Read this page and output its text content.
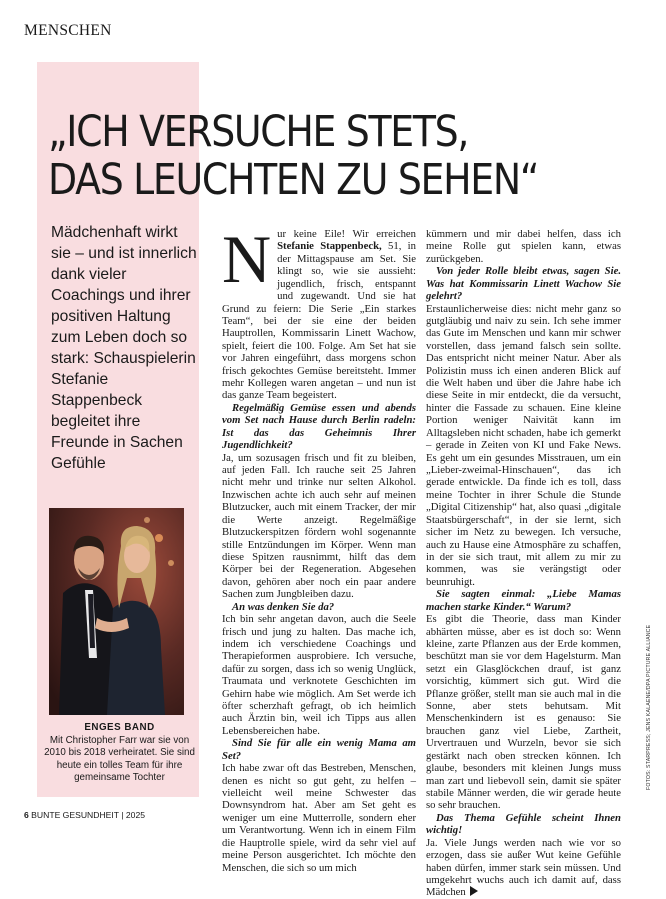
MENSCHEN
„ICH VERSUCHE STETS,
DAS LEUCHTEN ZU SEHEN“
Mädchenhaft wirkt sie – und ist innerlich dank vieler Coachings und ihrer positiven Haltung zum Leben doch so stark: Schauspielerin Stefanie Stappenbeck begleitet ihre Freunde in Sachen Gefühle
ENGES BAND
Mit Christopher Farr war sie von 2010 bis 2018 verheiratet. Sie sind heute ein tolles Team für ihre gemeinsame Tochter

Nur keine Eile! Wir erreichen Stefanie Stappenbeck, 51, in der Mittagspause am Set. Sie klingt so, wie sie aussieht: jugendlich, frisch, entspannt und zugewandt. Und sie hat Grund zu feiern: Die Serie „Ein starkes Team“, bei der sie eine der beiden Hauptrollen, Kommissarin Linett Wachow, spielt, feiert die 100. Folge. Am Set hat sie vor Jahren eingeführt, dass morgens schon frisch gekochtes Gemüse bereitsteht. Immer mehr Kollegen waren angetan – und nun ist das ganze Team begeistert.

Regelmäßig Gemüse essen und abends vom Set nach Hause durch Berlin radeln: Ist das das Geheimnis Ihrer Jugendlichkeit?

Ja, um sozusagen frisch und fit zu bleiben, auf jeden Fall. Ich rauche seit 25 Jahren nicht mehr und trinke nur selten Alkohol. Inzwischen achte ich auch sehr auf meinen Blutzucker, auch mit einem Tracker, der mir die Werte anzeigt. Regelmäßige Blutzuckerspitzen fördern wohl sogenannte stille Entzündungen im Körper. Wenn man diese Spitzen rausnimmt, hilft das dem Körper bei der Regeneration. Abgesehen davon, gehören aber noch ein paar andere Sachen zum Jungbleiben dazu.

An was denken Sie da?

Ich bin sehr angetan davon, auch die Seele frisch und jung zu halten. Das mache ich, indem ich verschiedene Coachings und Therapieformen ausprobiere. Ich versuche, dafür zu sorgen, dass ich so wenig Unglück, Traumata und verknotete Geschichten im Gehirn habe wie möglich. Am Set werde ich öfter scherzhaft gefragt, ob ich heimlich auch Ärztin bin, weil ich Tipps aus allen Lebensbereichen habe.

Sind Sie für alle ein wenig Mama am Set?

Ich habe zwar oft das Bestreben, Menschen, denen es nicht so gut geht, zu helfen – vielleicht weil meine Schwester das Downsyndrom hat. Aber am Set geht es weniger um eine Mutterrolle, sondern eher um Verantwortung. Wenn ich in einem Film die Hauptrolle spiele, wird da sehr viel auf meine Person ausgerichtet. Ich möchte den Menschen, die sich so um mich

kümmern und mir dabei helfen, dass ich meine Rolle gut spielen kann, etwas zurückgeben.

Von jeder Rolle bleibt etwas, sagen Sie. Was hat Kommissarin Linett Wachow Sie gelehrt?

Erstaunlicherweise dies: nicht mehr ganz so gutgläubig und naiv zu sein. Ich sehe immer das Gute im Menschen und kann mir schwer vorstellen, dass jemand falsch sein sollte. Das entspricht nicht meiner Natur. Aber als Polizistin muss ich einen anderen Blick auf die Welt haben und über die Jahre habe ich diese Seite in mir entdeckt, die da versucht, hinter die Fassade zu schauen. Eine kleine Portion weniger Naivität kann im Alltagsleben nicht schaden, habe ich gemerkt – gerade in Zeiten von KI und Fake News. Es geht um ein gesundes Misstrauen, um ein „Lieber-zweimal-Hinschauen“, das ich gerade entwickle. Da finde ich es toll, dass meine Tochter in ihrer Schule die Stunde „Digital Citizenship“ hat, also quasi „digitale Staatsbürgerschaft“, in der sie lernt, sich sicher im Netz zu bewegen. Ich versuche, auch zu Hause eine Atmosphäre zu schaffen, in der sie sich traut, mit allem zu mir zu kommen, was sie verängstigt oder beunruhigt.

Sie sagten einmal: „Liebe Mamas machen starke Kinder.“ Warum?

Es gibt die Theorie, dass man Kinder abhärten müsse, aber es ist doch so: Wenn kleine, zarte Pflanzen aus der Erde kommen, beschützt man sie vor dem Hagelsturm. Man setzt ein Glasglöckchen drauf, ist ganz vorsichtig, kümmert sich gut. Wird die Pflanze größer, stellt man sie auch mal in die Sonne, aber stets behutsam. Mit Menschenkindern ist es genauso: Sie brauchen ganz viel Liebe, Zartheit, Urvertrauen und Wurzeln, bevor sie sich gestärkt nach oben strecken können. Ich glaube, besonders mit kleinen Jungs muss man zart und liebevoll sein, damit sie später stabile Männer werden, die wir gerade heute so sehr brauchen.

Das Thema Gefühle scheint Ihnen wichtig!

Ja. Viele Jungs werden nach wie vor so erzogen, dass sie außer Wut keine Gefühle haben dürfen, immer stark sein müssen. Und umgekehrt wuchs auch ich damit auf, dass Mädchen

FOTOS: STARPRESS; JENS KALAENE/DPA PICTURE ALLIANCE
6 BUNTE GESUNDHEIT | 2025
